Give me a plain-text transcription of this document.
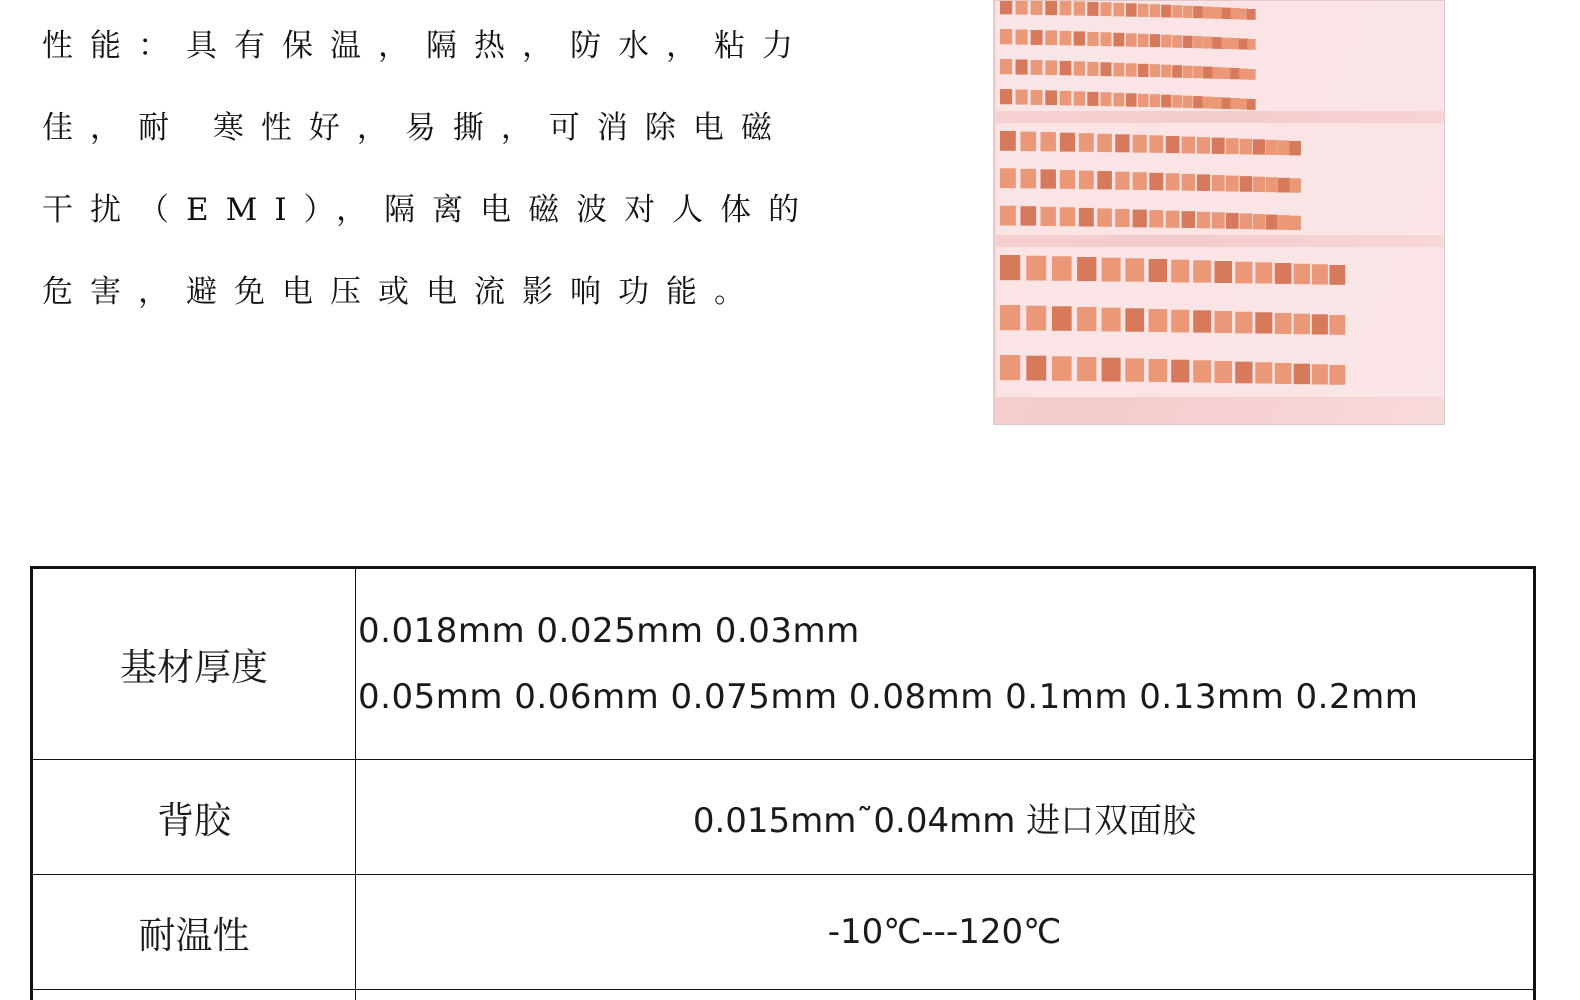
性能：具有保温，隔热，防水，粘力
佳，耐 寒性好，易撕，可消除电磁
干扰（EMI），隔离电磁波对人体的
危害，避免电压或电流影响功能。
基材厚度	0.018mm 0.025mm 0.03mm
0.05mm 0.06mm 0.075mm 0.08mm 0.1mm 0.13mm 0.2mm

背胶	0.015mm˜0.04mm 进口双面胶
耐温性	-10℃---120℃
